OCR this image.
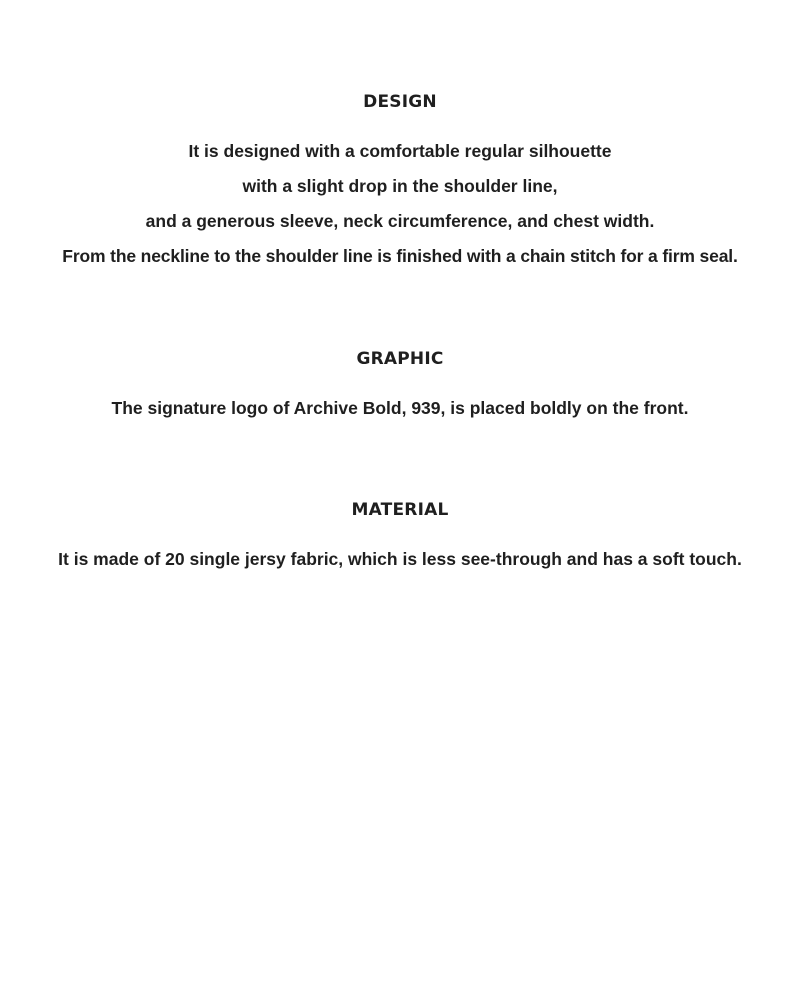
DESIGN

It is designed with a comfortable regular silhouette

with a slight drop in the shoulder line,

and a generous sleeve, neck circumference, and chest width.

From the neckline to the shoulder line is finished with a chain stitch for a firm seal.

GRAPHIC

The signature logo of Archive Bold, 939, is placed boldly on the front.

MATERIAL

It is made of 20 single jersy fabric, which is less see-through and has a soft touch.
